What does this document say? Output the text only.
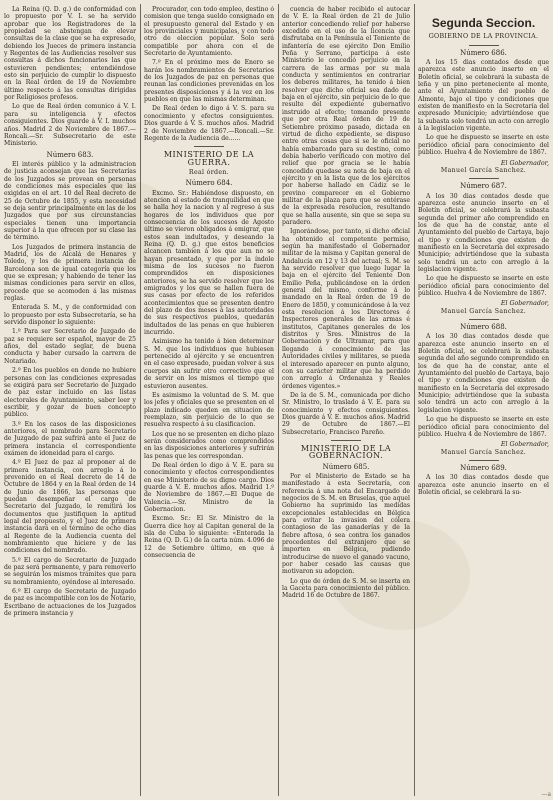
La Reina (Q. D. g.) de conformidad con lo propuesto por V. I. se ha servido aprobar que los Registradores de la propiedad se abstengan de elevar consultas de la clase que se ha expresado, debiendo los Jueces de primera instancia y Regentes de las Audiencias resolver sus consultas á dichos funcionarios las que estuvieren pendientes; entendiéndose esto sin perjuicio de cumplir lo dispuesto en la Real órden de 19 de Noviembre último respecto á las consultas dirigidas por Religiosos profesos.

Lo que de Real órden comunico á V. I. para su inteligencia y efectos consiguientes. Dios guarde á V. I. muchos años. Madrid 2 de Noviembre de 1867.—Roncali.—Sr. Subsecretario de este Ministerio.

Número 683.

El interés público y la administracion de justicia aconsejan que las Secretarías de los Juzgados se provean en personas de condiciones más especiales que las exigidas en el art. 10 del Real decreto de 25 de Octubre de 1855, y esta necesidad se deja sentir principalmente en las de los Juzgados que por sus circunstancias especiales tienen una importancia superior á la que ofrecen por su clase las de término.

Los Juzgados de primera instancia de Madrid, los de Alcalá de Henares y Toledo, y los de primera instancia de Barcelona son de igual categoría que los que se expresan; y habiendo de tener las mismas condiciones para servir en ellos, procede que se acomoden á las mismas reglas.

Enterada S. M., y de conformidad con lo propuesto por esta Subsecretaría, se ha servido disponer lo siguiente:

1.º Para ser Secretario de Juzgado de paz se requiere ser español, mayor de 25 años, del estado seglar, de buena conducta y haber cursado la carrera de Notariado.

2.º En los pueblos en donde no hubiere personas con las condiciones expresadas se exigirá para ser Secretario de Juzgado de paz estar incluido en las listas electorales de Ayuntamiento, saber leer y escribir, y gozar de buen concepto público.

3.º En los casos de las disposiciones anteriores, el nombrado para Secretario de Juzgado de paz sufrirá ante el Juez de primera instancia el correspondiente exámen de idoneidad para el cargo.

4.º El Juez de paz al proponer al de primera instancia, con arreglo á lo prevenido en el Real decreto de 14 de Octubre de 1864 y en la Real órden de 14 de Junio de 1866, las personas que puedan desempeñar el cargo de Secretario del Juzgado, le remitirá los documentos que justifiquen la aptitud legal del propuesto, y el Juez de primera instancia dará en el término de ocho días al Regente de la Audiencia cuenta del nombramiento que hiciere y de las condiciones del nombrado.

5.º El cargo de Secretario de Juzgado de paz será permanente, y para removerlo se seguirán los mismos trámites que para su nombramiento, oyéndose al interesado.

6.º El cargo de Secretario de Juzgado de paz es incompatible con los de Notario, Escribano de actuaciones de los Juzgados de primera instancia y

Procurador, con todo empleo, destino ó comision que tenga sueldo consignado en el presupuesto general del Estado y en los provinciales y municipales, y con todo otro de eleccion popular. Solo será compatible por ahora con el de Secretario de Ayuntamiento.

7.º En el próximo mes de Enero se harán los nombramientos de Secretarios de los Juzgados de paz en personas que reunan las condiciones prevenidas en los presentes disposiciones y á la vez en los pueblos en que las mismas determinan.

De Real órden lo digo á V. S. para su conocimiento y efectos consiguientes. Dios guarde á V. S. muchos años. Madrid 2 de Noviembre de 1867.—Roncali.—Sr. Regente de la Audiencia de......

MINISTERIO DE LA GUERRA.
Real órden.
Número 684.

Excmo. Sr.: Habiéndose dispuesto, en atencion al estado de tranquilidad en que se halla hoy la nacion y al regreso á sus hogares de los individuos que por consecuencia de los sucesos de Agosto último se vieron obligados á emigrar, que estos sean indultados, y deseando la Reina (Q. D. g.) que estos beneficios alcancen tambien á los que aun no se hayan presentado, y que por la índole misma de los sucesos no fueron comprendidos en disposiciones anteriores, se ha servido resolver que los emigrados y los que se hallen fuera de sus casas por efecto de los referidos acontecimientos que se presenten dentro del plazo de dos meses á las autoridades de sus respectivos pueblos, quedarán indultados de las penas en que hubieren incurrido.

Asimismo ha tenido á bien determinar S. M. que los individuos que hubiesen pertenecido al ejército y se encuentren en el caso expresado, puedan volver á sus cuerpos sin sufrir otro correctivo que el de servir en los mismos el tiempo que estuvieron ausentes.

Es asimismo la voluntad de S. M. que los jefes y oficiales que se presenten en el plazo indicado queden en situacion de reemplazo, sin perjuicio de lo que se resuelva respecto á su clasificacion.

Los que no se presenten en dicho plazo serán considerados como comprendidos en las disposiciones anteriores y sufrirán las penas que les correspondan.

De Real órden lo digo á V. E. para su conocimiento y efectos correspondientes en ese Ministerio de su digno cargo. Dios guarde á V. E. muchos años. Madrid 1.º de Noviembre de 1867.—El Duque de Valencia.—Sr. Ministro de la Gobernacion.

Excmo. Sr.: El Sr. Ministro de la Guerra dice hoy al Capitan general de la isla de Cuba lo siguiente: «Enterada la Reina (Q. D. G.) de la carta núm. 4.096 de 12 de Setiembre último, en que á consecuencia de

cuencia de haber recibido el autocar de V. E. la Real órden de 21 de Julio anterior concediendo relief por haberse excedido en el uso de la licencia que disfrutaba en la Península el Teniente de infantería de ese ejército Don Emilio Peña y Serrano, participa á este Ministerio le concedió perjuicio en la carrera de las armas por su mala conducta y sentimientos en contrariar los deberes militares, ha tenido á bien resolver que dicho oficial sea dado de baja en el ejército, sin perjuicio de lo que resulte del expediente gubernativo instruido al efecto; tomando presente que por otra Real órden de 19 de Setiembre próximo pasado, dictada en virtud de dicho expediente, se dispuso entre otras cosas que si se le oficial no había embarcado para su destino, como debía haberlo verificado con motivo del relief que por gracia se le había concedido quedase su nota de baja en el ejército y en la lista que de los ejércitos por haberse hallado en Cádiz se le previno comparecer en el Gobierno militar de la plaza para que se entérase de la expresada resolucion, resultando que se halla ausente, sin que se sepa su paradero.

Ignorándose, por tanto, si dicho oficial ha obtenido el competente permiso, según ha manifestado el Gobernador militar de la misma y Capitan general de Andalucía en 12 y 13 del actual; S. M. se ha servido resolver que luego lugar la baja en el ejército del Teniente Don Emilio Peña, publicándose en la órden general del mismo, conforme á lo mandado en la Real órden de 19 de Enero de 1850, y comunicándose á la vez esta resolucion á los Directores é Inspectores generales de las armas é institutos, Capitanes generales de los distritos y Sres. Ministros de la Gobernacion y de Ultramar, para que llegando á conocimiento de las Autoridades civiles y militares, se pueda el interesado aparecer en punto alguno, con su carácter militar que ha perdido con arreglo á Ordenanza y Reales órdenes vigentes.»

De la de S. M., comunicada por dicho Sr. Ministro, lo traslado á V. E. para su conocimiento y efectos consiguientes. Dios guarde á V. E. muchos años. Madrid 29 de Octubre de 1867.—El Subsecretario, Francisco Pareño.

MINISTERIO DE LA GOBERNACION.
Número 685.

Por el Ministerio de Estado se ha manifestado á esta Secretaría, con referencia á una nota del Encargado de negocios de S. M. en Bruselas, que aquel Gobierno ha suprimido las medidas excepcionales establecidas en Bélgica para evitar la invasion del cólera contagioso de las ganaderías y de la fiebre aftosa, ó sea contra los ganados procedentes del extranjero que se importen en Bélgica, pudiendo introducirse de nuevo el ganado vacuno, por haber cesado las causas que motivaron su adopcion.

Lo que de órden de S. M. se inserta en la Gaceta para conocimiento del público. Madrid 16 de Octubre de 1867.

Segunda Seccion.
GOBIERNO DE LA PROVINCIA.
Número 686.

A los 15 dias contados desde que aparezca este anuncio inserto en el Boletín oficial, se celebrará la subasta de leña y un pino perteneciente al monte, ante el Ayuntamiento del pueblo de Almonte, bajo el tipo y condiciones que existen de manifiesto en la Secretaría del expresado Municipio; advirtiéndose que la subasta solo tendrá un acto con arreglo á la legislacion vigente.

Lo que he dispuesto se inserte en este periódico oficial para conocimiento del público. Huelva 4 de Noviembre de 1867.

El Gobernador,
Manuel García Sanchez.
Número 687.

A los 30 dias contados desde que aparezca este anuncio inserto en el Boletín oficial, se celebrará la subasta segunda del primer año comprendido en los de que ha de constar, ante el Ayuntamiento del pueblo de Cartaya, bajo el tipo y condiciones que existen de manifiesto en la Secretaría del expresado Municipio; advirtiéndose que la subasta solo tendrá un acto con arreglo á la legislacion vigente.

Lo que he dispuesto se inserte en este periódico oficial para conocimiento del público. Huelva 4 de Noviembre de 1867.

El Gobernador,
Manuel García Sanchez.
Número 688.

A los 30 dias contados desde que aparezca este anuncio inserto en el Boletín oficial, se celebrará la subasta segunda del año segundo comprendido en los de que ha de constar, ante el Ayuntamiento del pueblo de Cartaya, bajo el tipo y condiciones que existen de manifiesto en la Secretaría del expresado Municipio; advirtiéndose que la subasta solo tendrá un acto con arreglo á la legislacion vigente.

Lo que he dispuesto se inserte en este periódico oficial para conocimiento del público. Huelva 4 de Noviembre de 1867.

El Gobernador,
Manuel García Sanchez.
Número 689.

A los 30 dias contados desde que aparezca este anuncio inserto en el Boletín oficial, se celebrará la su-

—a
